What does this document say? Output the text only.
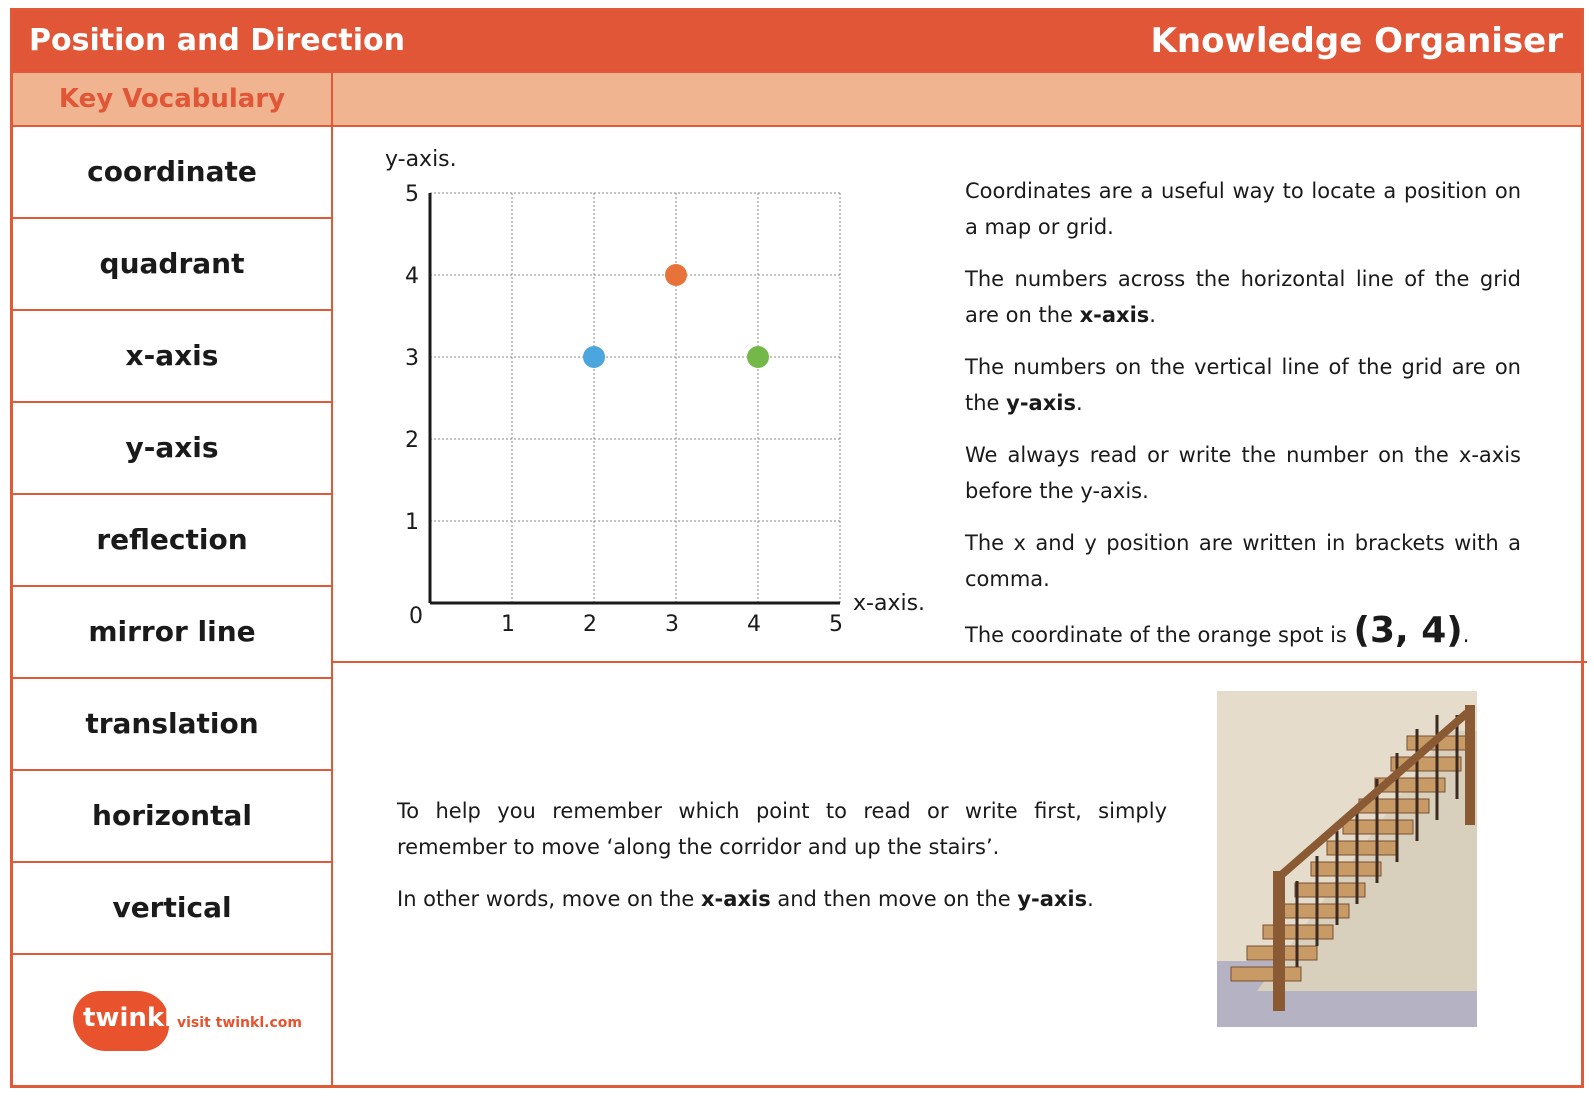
Position and Direction	Knowledge Organiser
Key Vocabulary
coordinate
quadrant
x-axis
y-axis
reflection
mirror line
translation
horizontal
vertical
twinkl visit twinkl.com
y-axis.
x-axis.
1	2	3	4	5
1
2
3
4
5
0

Coordinates are a useful way to locate a position on a map or grid.

The numbers across the horizontal line of the grid are on the x-axis.

The numbers on the vertical line of the grid are on the y-axis.

We always read or write the number on the x-axis before the y-axis.

The x and y position are written in brackets with a comma.

The coordinate of the orange spot is (3, 4).

To help you remember which point to read or write first, simply remember to move ‘along the corridor and up the stairs’.

In other words, move on the x-axis and then move on the y-axis.
